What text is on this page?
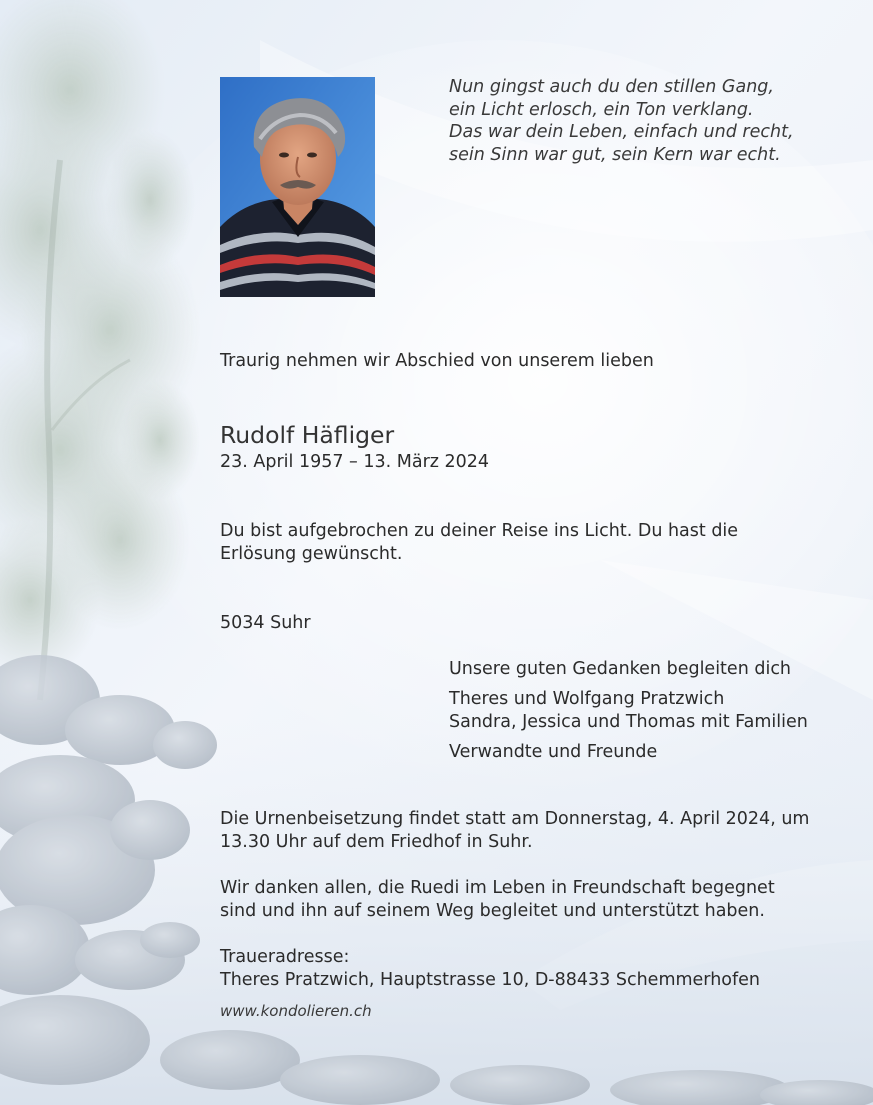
Nun gingst auch du den stillen Gang,
ein Licht erlosch, ein Ton verklang.
Das war dein Leben, einfach und recht,
sein Sinn war gut, sein Kern war echt.
Traurig nehmen wir Abschied von unserem lieben
Rudolf Häfliger
23. April 1957 – 13. März 2024
Du bist aufgebrochen zu deiner Reise ins Licht. Du hast die
Erlösung gewünscht.
5034 Suhr
Unsere guten Gedanken begleiten dich
Theres und Wolfgang Pratzwich
Sandra, Jessica und Thomas mit Familien
Verwandte und Freunde
Die Urnenbeisetzung findet statt am Donnerstag, 4. April 2024, um
13.30 Uhr auf dem Friedhof in Suhr.
Wir danken allen, die Ruedi im Leben in Freundschaft begegnet
sind und ihn auf seinem Weg begleitet und unterstützt haben.
Traueradresse:
Theres Pratzwich, Hauptstrasse 10, D-88433 Schemmerhofen
www.kondolieren.ch
